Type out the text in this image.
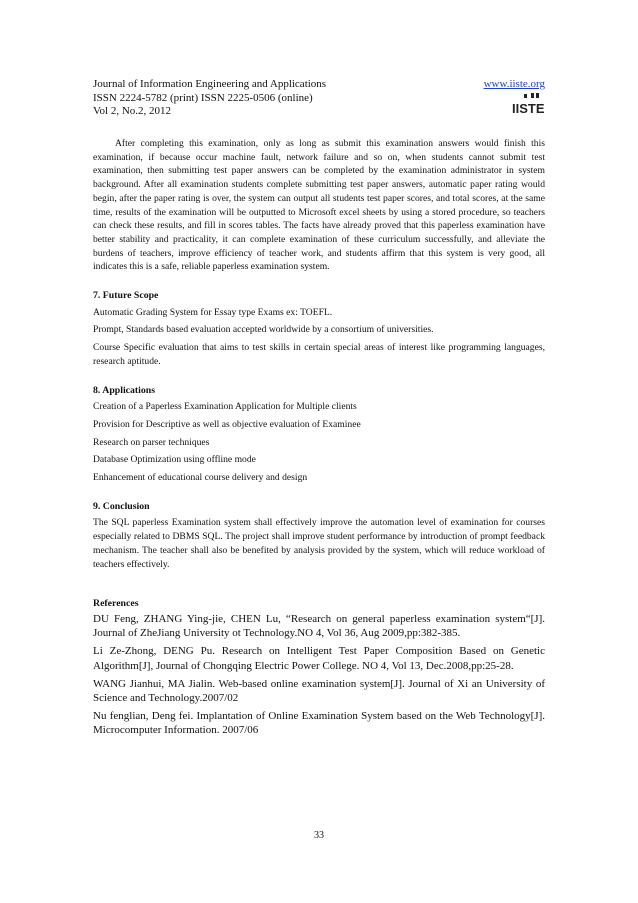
Journal of Information Engineering and Applications
ISSN 2224-5782 (print) ISSN 2225-0506 (online)
Vol 2, No.2, 2012
www.iiste.org
IISTE

After completing this examination, only as long as submit this examination answers would finish this examination, if because occur machine fault, network failure and so on, when students cannot submit test examination, then submitting test paper answers can be completed by the examination administrator in system background. After all examination students complete submitting test paper answers, automatic paper rating would begin, after the paper rating is over, the system can output all students test paper scores, and total scores, at the same time, results of the examination will be outputted to Microsoft excel sheets by using a stored procedure, so teachers can check these results, and fill in scores tables. The facts have already proved that this paperless examination have better stability and practicality, it can complete examination of these curriculum successfully, and alleviate the burdens of teachers, improve efficiency of teacher work, and students affirm that this system is very good, all indicates this is a safe, reliable paperless examination system.

7. Future Scope

Automatic Grading System for Essay type Exams ex: TOEFL.

Prompt, Standards based evaluation accepted worldwide by a consortium of universities.

Course Specific evaluation that aims to test skills in certain special areas of interest like programming languages, research aptitude.

8. Applications

Creation of a Paperless Examination Application for Multiple clients

Provision for Descriptive as well as objective evaluation of Examinee

Research on parser techniques

Database Optimization using offline mode

Enhancement of educational course delivery and design

9. Conclusion

The SQL paperless Examination system shall effectively improve the automation level of examination for courses especially related to DBMS SQL. The project shall improve student performance by introduction of prompt feedback mechanism. The teacher shall also be benefited by analysis provided by the system, which will reduce workload of teachers effectively.

References

DU Feng, ZHANG Ying-jie, CHEN Lu, “Research on general paperless examination system“[J]. Journal of ZheJiang University ot Technology.NO 4, Vol 36, Aug 2009,pp:382-385.

Li Ze-Zhong, DENG Pu. Research on Intelligent Test Paper Composition Based on Genetic Algorithm[J], Journal of Chongqing Electric Power College. NO 4, Vol 13, Dec.2008,pp:25-28.

WANG Jianhui, MA Jialin. Web-based online examination system[J]. Journal of Xi an University of Science and Technology.2007/02

Nu fenglian, Deng fei. Implantation of Online Examination System based on the Web Technology[J]. Microcomputer Information. 2007/06

33
